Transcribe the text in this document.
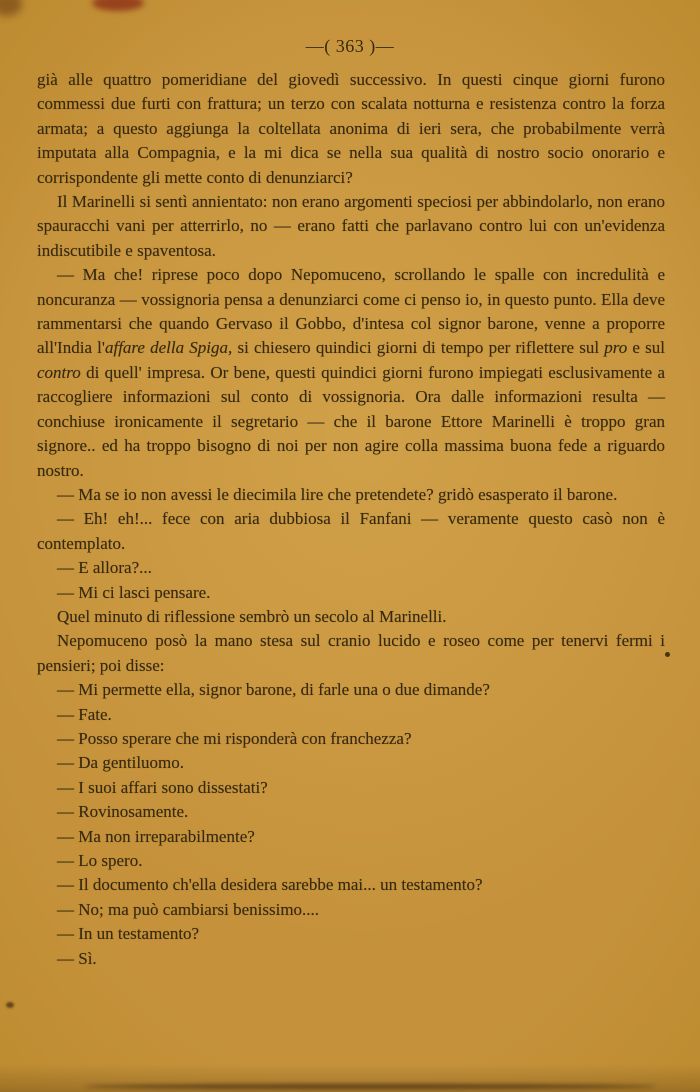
—( 363 )—

già alle quattro pomeridiane del giovedì successivo. In questi cinque giorni furono commessi due furti con frattura; un terzo con scalata notturna e resistenza contro la forza armata; a questo aggiunga la coltellata anonima di ieri sera, che probabilmente verrà imputata alla Compagnia, e la mi dica se nella sua qualità di nostro socio onorario e corrispondente gli mette conto di denunziarci?

Il Marinelli si sentì annientato: non erano argomenti speciosi per abbindolarlo, non erano spauracchi vani per atterrirlo, no — erano fatti che parlavano contro lui con un'evidenza indiscutibile e spaventosa.

— Ma che! riprese poco dopo Nepomuceno, scrollando le spalle con incredulità e noncuranza — vossignoria pensa a denunziarci come ci penso io, in questo punto. Ella deve rammentarsi che quando Gervaso il Gobbo, d'intesa col signor barone, venne a proporre all'India l'affare della Spiga, si chiesero quindici giorni di tempo per riflettere sul pro e sul contro di quell' impresa. Or bene, questi quindici giorni furono impiegati esclusivamente a raccogliere informazioni sul conto di vossignoria. Ora dalle informazioni resulta — conchiuse ironicamente il segretario — che il barone Ettore Marinelli è troppo gran signore.. ed ha troppo bisogno di noi per non agire colla massima buona fede a riguardo nostro.

— Ma se io non avessi le diecimila lire che pretendete? gridò esasperato il barone.

— Eh! eh!... fece con aria dubbiosa il Fanfani — veramente questo casò non è contemplato.

— E allora?...

— Mi ci lasci pensare.

Quel minuto di riflessione sembrò un secolo al Marinelli.

Nepomuceno posò la mano stesa sul cranio lucido e roseo come per tenervi fermi i pensieri; poi disse:

— Mi permette ella, signor barone, di farle una o due dimande?

— Fate.

— Posso sperare che mi risponderà con franchezza?

— Da gentiluomo.

— I suoi affari sono dissestati?

— Rovinosamente.

— Ma non irreparabilmente?

— Lo spero.

— Il documento ch'ella desidera sarebbe mai... un testamento?

— No; ma può cambiarsi benissimo....

— In un testamento?

— Sì.
